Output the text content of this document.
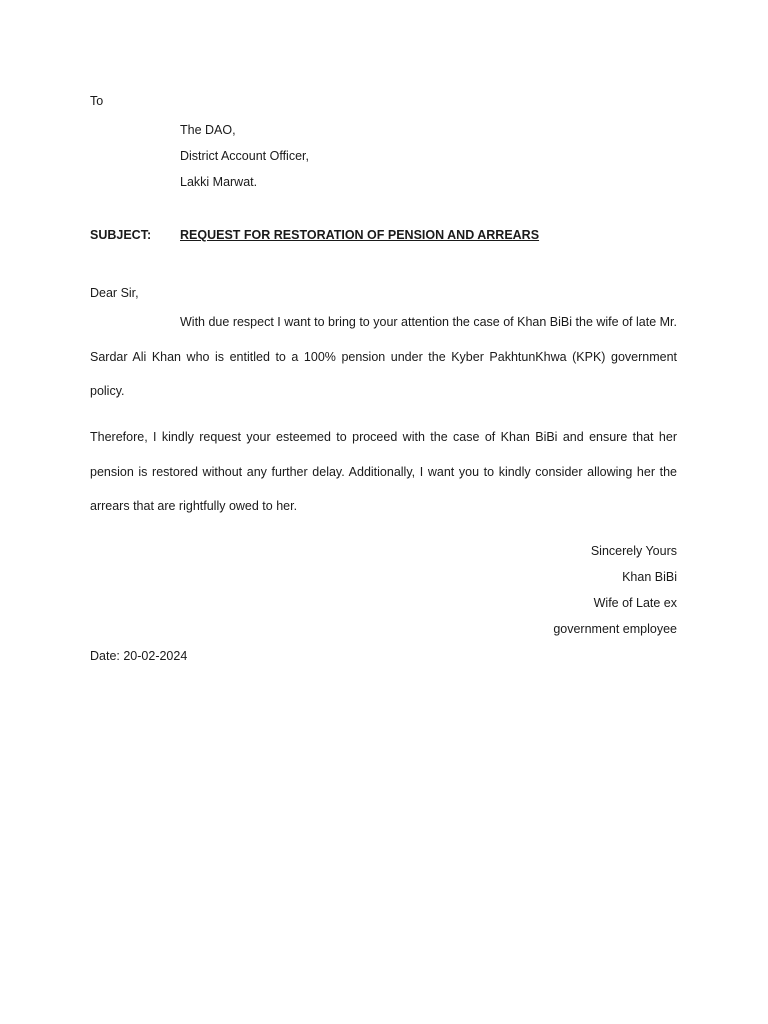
To
The DAO,
District Account Officer,
Lakki Marwat.
SUBJECT: REQUEST FOR RESTORATION OF PENSION AND ARREARS
Dear Sir,

With due respect I want to bring to your attention the case of Khan BiBi the wife of late Mr. Sardar Ali Khan who is entitled to a 100% pension under the Kyber PakhtunKhwa (KPK) government policy.

Therefore, I kindly request your esteemed to proceed with the case of Khan BiBi and ensure that her pension is restored without any further delay. Additionally, I want you to kindly consider allowing her the arrears that are rightfully owed to her.

Sincerely Yours
Khan BiBi
Wife of Late ex
government employee
Date: 20-02-2024
